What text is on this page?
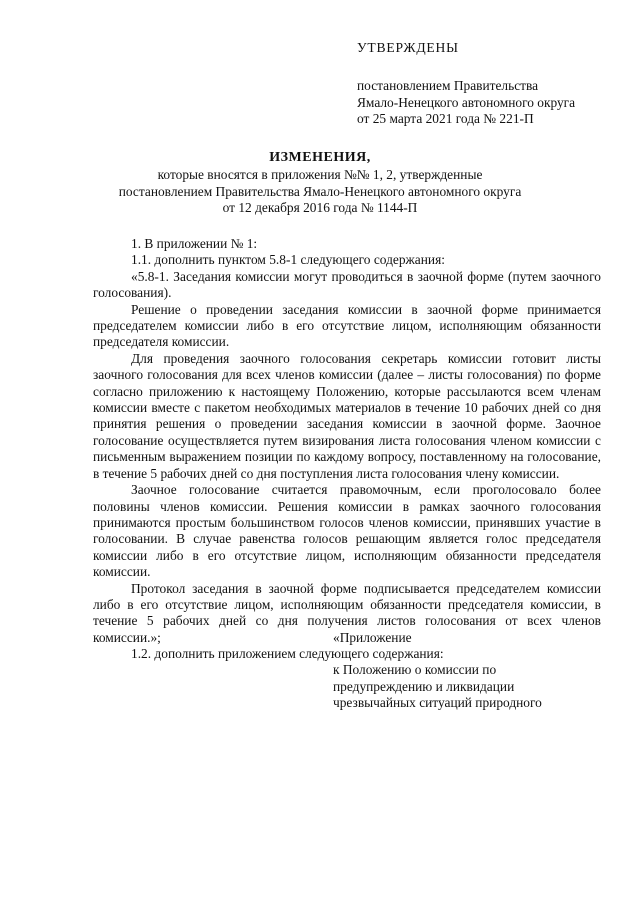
УТВЕРЖДЕНЫ
постановлением Правительства
Ямало-Ненецкого автономного округа
от 25 марта 2021 года № 221-П
ИЗМЕНЕНИЯ,
которые вносятся в приложения №№ 1, 2, утвержденные
постановлением Правительства Ямало-Ненецкого автономного округа
от 12 декабря 2016 года № 1144-П

1. В приложении № 1:

1.1. дополнить пунктом 5.8-1 следующего содержания:

«5.8-1. Заседания комиссии могут проводиться в заочной форме (путем заочного голосования).

Решение о проведении заседания комиссии в заочной форме принимается председателем комиссии либо в его отсутствие лицом, исполняющим обязанности председателя комиссии.

Для проведения заочного голосования секретарь комиссии готовит листы заочного голосования для всех членов комиссии (далее – листы голосования) по форме согласно приложению к настоящему Положению, которые рассылаются всем членам комиссии вместе с пакетом необходимых материалов в течение 10 рабочих дней со дня принятия решения о проведении заседания комиссии в заочной форме. Заочное голосование осуществляется путем визирования листа голосования членом комиссии с письменным выражением позиции по каждому вопросу, поставленному на голосование, в течение 5 рабочих дней со дня поступления листа голосования члену комиссии.

Заочное голосование считается правомочным, если проголосовало более половины членов комиссии. Решения комиссии в рамках заочного голосования принимаются простым большинством голосов членов комиссии, принявших участие в голосовании. В случае равенства голосов решающим является голос председателя комиссии либо в его отсутствие лицом, исполняющим обязанности председателя комиссии.

Протокол заседания в заочной форме подписывается председателем комиссии либо в его отсутствие лицом, исполняющим обязанности председателя комиссии, в течение 5 рабочих дней со дня получения листов голосования от всех членов комиссии.»;

1.2. дополнить приложением следующего содержания:

«Приложение
к Положению о комиссии по
предупреждению и ликвидации
чрезвычайных ситуаций природного
